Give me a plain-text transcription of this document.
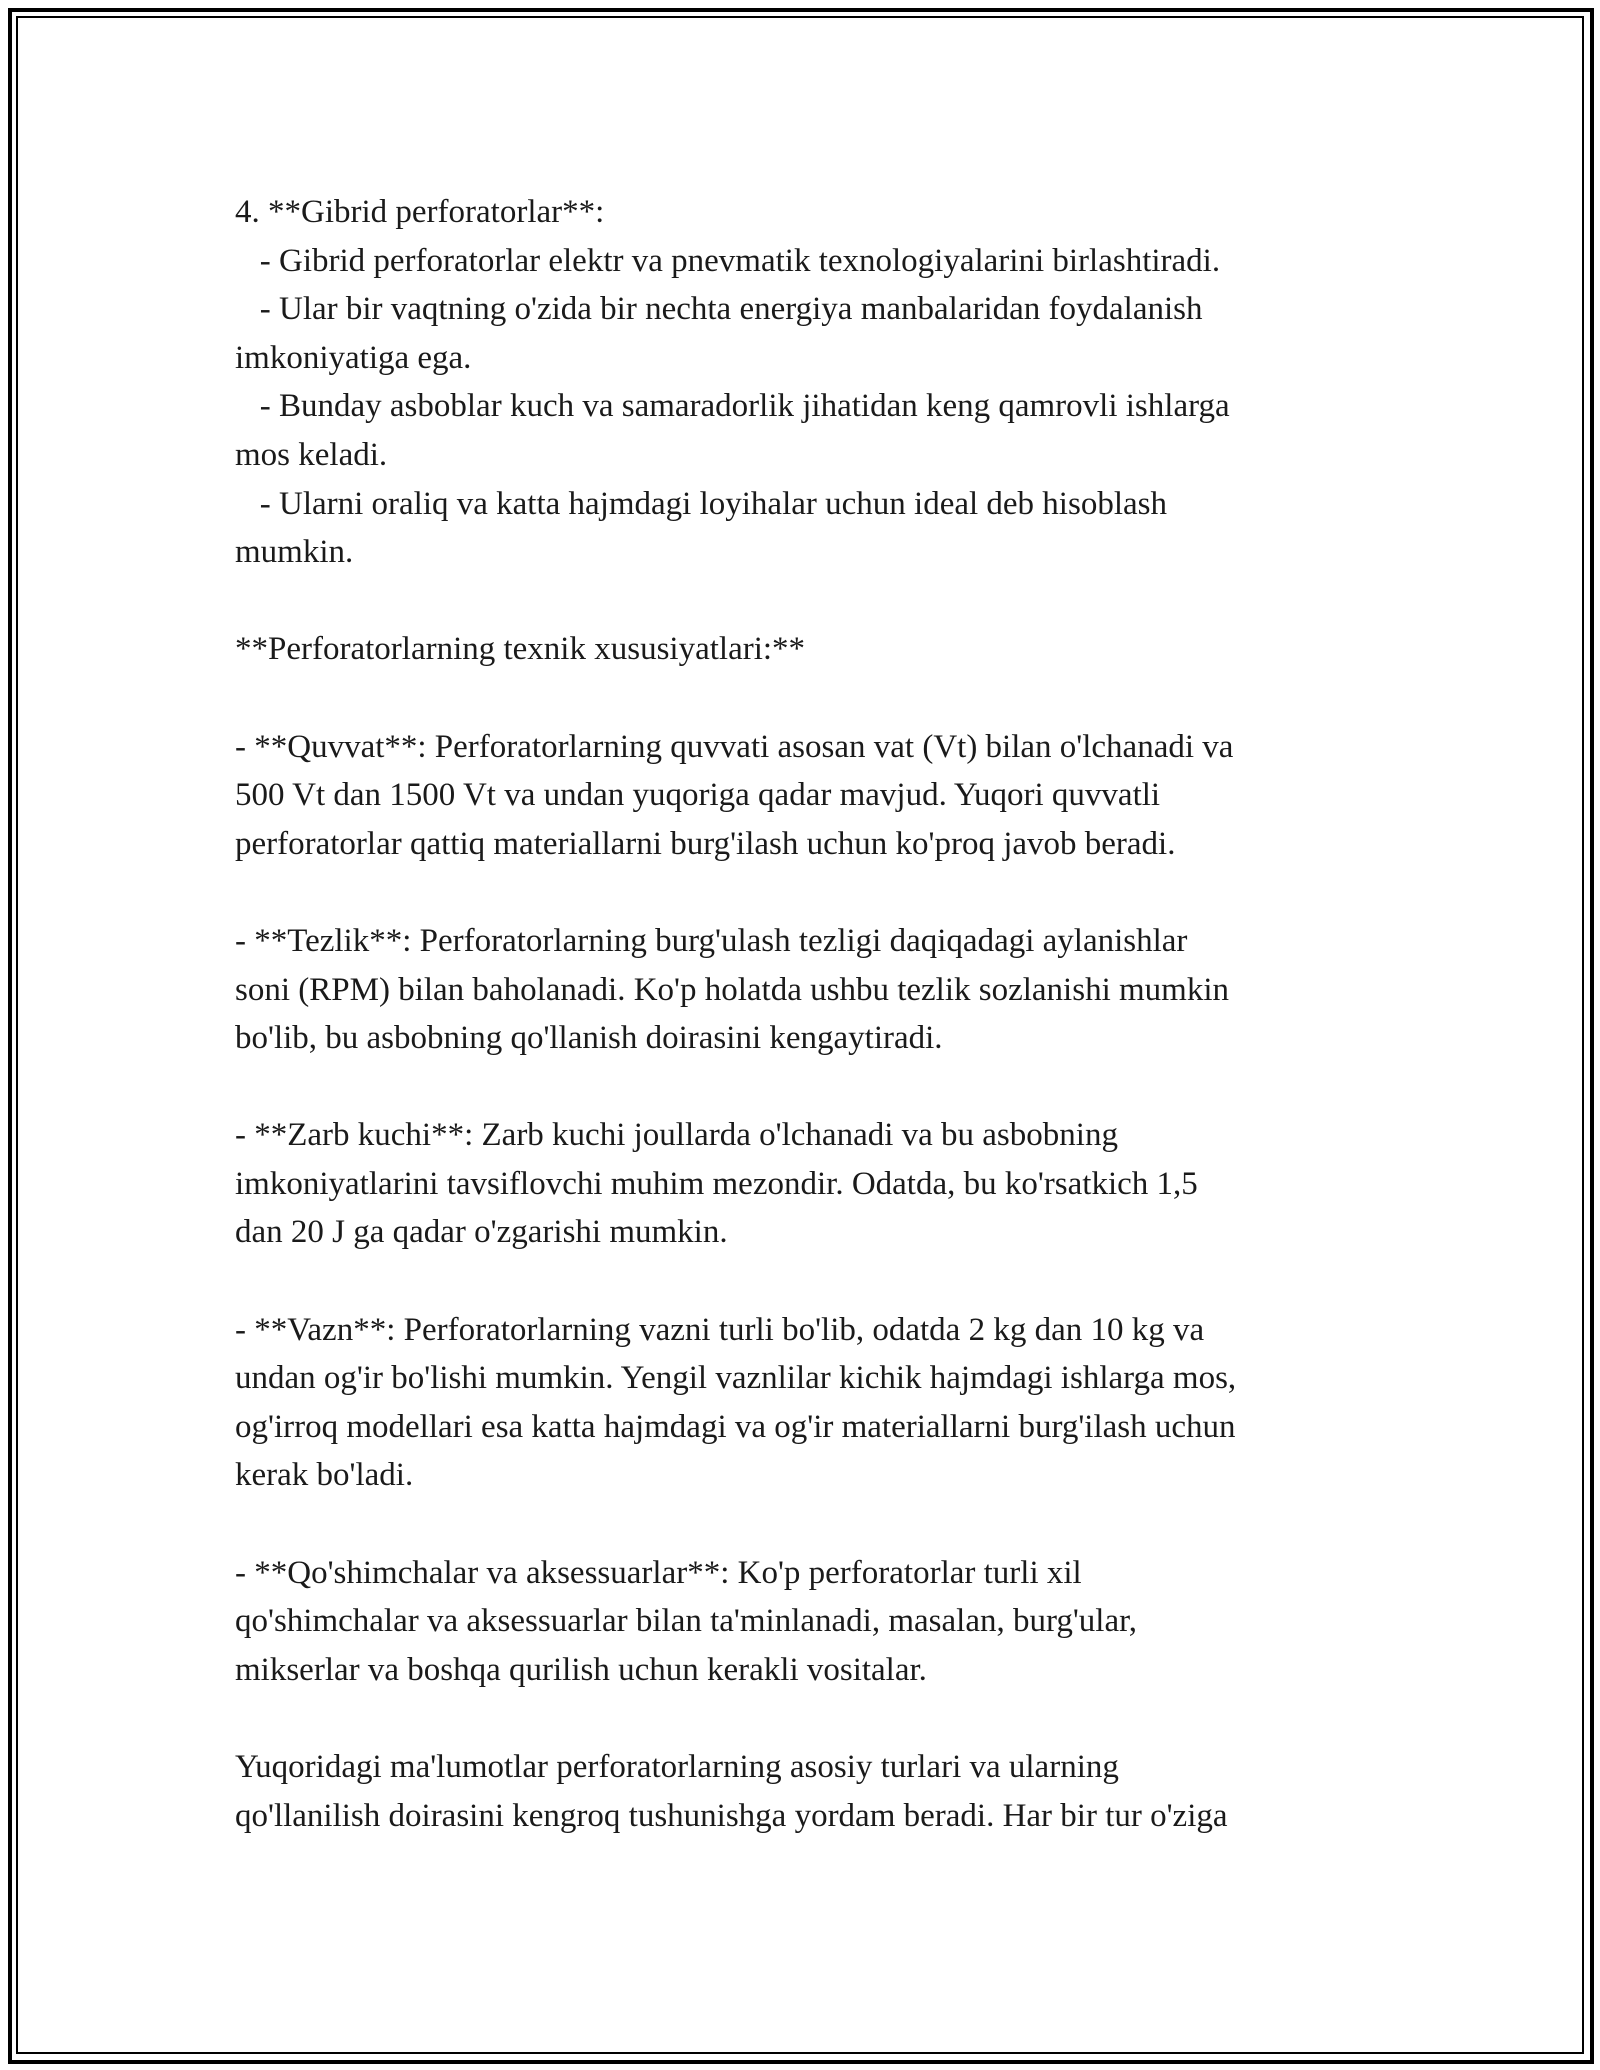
4. **Gibrid perforatorlar**:

- Gibrid perforatorlar elektr va pnevmatik texnologiyalarini birlashtiradi.

- Ular bir vaqtning o'zida bir nechta energiya manbalaridan foydalanish

imkoniyatiga ega.

- Bunday asboblar kuch va samaradorlik jihatidan keng qamrovli ishlarga

mos keladi.

- Ularni oraliq va katta hajmdagi loyihalar uchun ideal deb hisoblash

mumkin.

**Perforatorlarning texnik xususiyatlari:**

- **Quvvat**: Perforatorlarning quvvati asosan vat (Vt) bilan o'lchanadi va

500 Vt dan 1500 Vt va undan yuqoriga qadar mavjud. Yuqori quvvatli

perforatorlar qattiq materiallarni burg'ilash uchun ko'proq javob beradi.

- **Tezlik**: Perforatorlarning burg'ulash tezligi daqiqadagi aylanishlar

soni (RPM) bilan baholanadi. Ko'p holatda ushbu tezlik sozlanishi mumkin

bo'lib, bu asbobning qo'llanish doirasini kengaytiradi.

- **Zarb kuchi**: Zarb kuchi joullarda o'lchanadi va bu asbobning

imkoniyatlarini tavsiflovchi muhim mezondir. Odatda, bu ko'rsatkich 1,5

dan 20 J ga qadar o'zgarishi mumkin.

- **Vazn**: Perforatorlarning vazni turli bo'lib, odatda 2 kg dan 10 kg va

undan og'ir bo'lishi mumkin. Yengil vaznlilar kichik hajmdagi ishlarga mos,

og'irroq modellari esa katta hajmdagi va og'ir materiallarni burg'ilash uchun

kerak bo'ladi.

- **Qo'shimchalar va aksessuarlar**: Ko'p perforatorlar turli xil

qo'shimchalar va aksessuarlar bilan ta'minlanadi, masalan, burg'ular,

mikserlar va boshqa qurilish uchun kerakli vositalar.

Yuqoridagi ma'lumotlar perforatorlarning asosiy turlari va ularning

qo'llanilish doirasini kengroq tushunishga yordam beradi. Har bir tur o'ziga
